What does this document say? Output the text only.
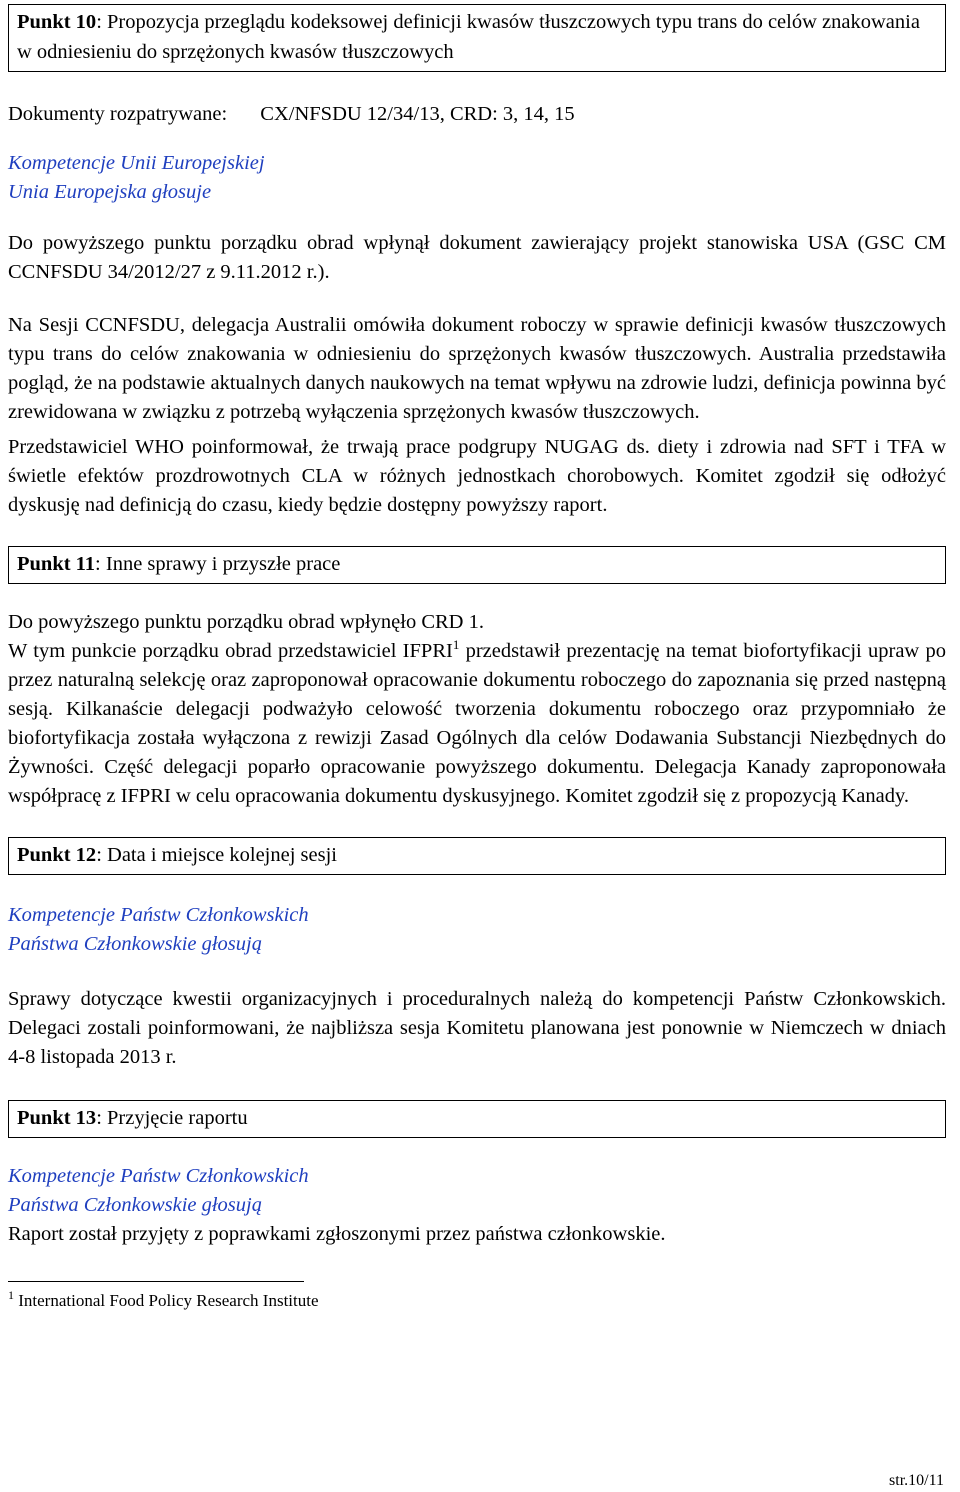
Punkt 10: Propozycja przeglądu kodeksowej definicji kwasów tłuszczowych typu trans do celów znakowania w odniesieniu do sprzężonych kwasów tłuszczowych
Dokumenty rozpatrywane: CX/NFSDU 12/34/13, CRD: 3, 14, 15
Kompetencje Unii Europejskiej
Unia Europejska głosuje

Do powyższego punktu porządku obrad wpłynął dokument zawierający projekt stanowiska USA (GSC CM CCNFSDU 34/2012/27 z 9.11.2012 r.).

Na Sesji CCNFSDU, delegacja Australii omówiła dokument roboczy w sprawie definicji kwasów tłuszczowych typu trans do celów znakowania w odniesieniu do sprzężonych kwasów tłuszczowych. Australia przedstawiła pogląd, że na podstawie aktualnych danych naukowych na temat wpływu na zdrowie ludzi, definicja powinna być zrewidowana w związku z potrzebą wyłączenia sprzężonych kwasów tłuszczowych.

Przedstawiciel WHO poinformował, że trwają prace podgrupy NUGAG ds. diety i zdrowia nad SFT i TFA w świetle efektów prozdrowotnych CLA w różnych jednostkach chorobowych. Komitet zgodził się odłożyć dyskusję nad definicją do czasu, kiedy będzie dostępny powyższy raport.

Punkt 11: Inne sprawy i przyszłe prace

Do powyższego punktu porządku obrad wpłynęło CRD 1.

W tym punkcie porządku obrad przedstawiciel IFPRI$^1$ przedstawił prezentację na temat biofortyfikacji upraw po przez naturalną selekcję oraz zaproponował opracowanie dokumentu roboczego do zapoznania się przed następną sesją. Kilkanaście delegacji podważyło celowość tworzenia dokumentu roboczego oraz przypomniało że biofortyfikacja została wyłączona z rewizji Zasad Ogólnych dla celów Dodawania Substancji Niezbędnych do Żywności. Część delegacji poparło opracowanie powyższego dokumentu. Delegacja Kanady zaproponowała współpracę z IFPRI w celu opracowania dokumentu dyskusyjnego. Komitet zgodził się z propozycją Kanady.

Punkt 12: Data i miejsce kolejnej sesji
Kompetencje Państw Członkowskich
Państwa Członkowskie głosują

Sprawy dotyczące kwestii organizacyjnych i proceduralnych należą do kompetencji Państw Członkowskich. Delegaci zostali poinformowani, że najbliższa sesja Komitetu planowana jest ponownie w Niemczech w dniach 4-8 listopada 2013 r.

Punkt 13: Przyjęcie raportu
Kompetencje Państw Członkowskich
Państwa Członkowskie głosują

Raport został przyjęty z poprawkami zgłoszonymi przez państwa członkowskie.

$^1$ International Food Policy Research Institute
str.10/11
